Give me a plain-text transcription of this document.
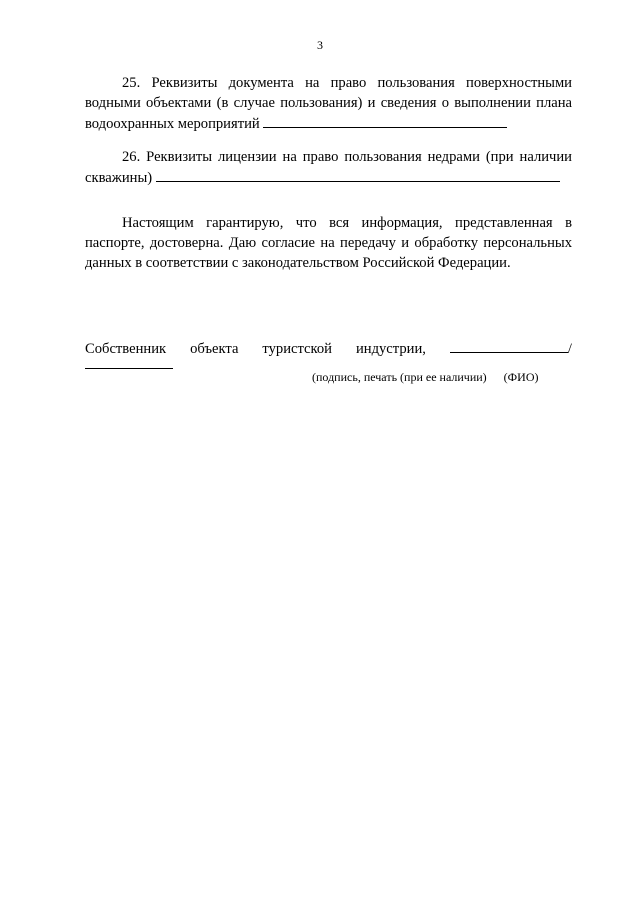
3

25. Реквизиты документа на право пользования поверхностными водными объектами (в случае пользования) и сведения о выполнении плана водоохранных мероприятий

26. Реквизиты лицензии на право пользования недрами (при наличии скважины)

Настоящим гарантирую, что вся информация, представленная в паспорте, достоверна. Даю согласие на передачу и обработку персональных данных в соответствии с законодательством Российской Федерации.

Собственник объекта туристской индустрии,	/
(подпись, печать (при ее наличии) (ФИО)
